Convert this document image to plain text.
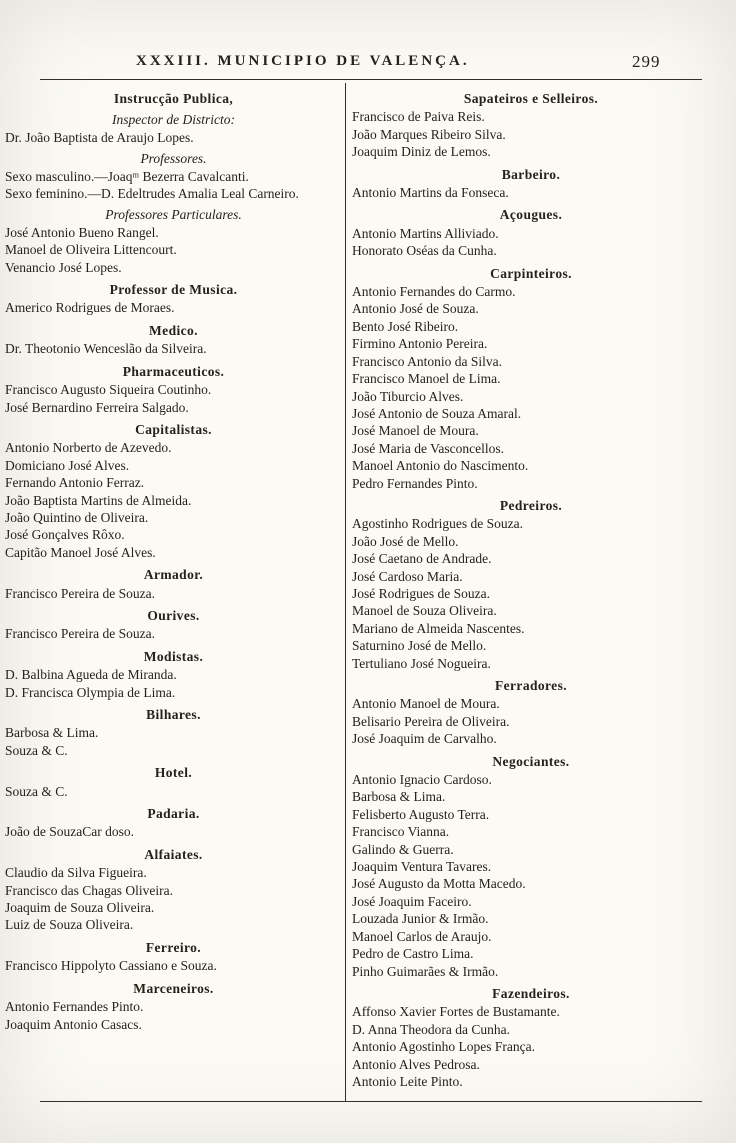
XXXIII. MUNICIPIO DE VALENÇA.	299
Instrucção Publica,
Inspector de Districto:
Dr. João Baptista de Araujo Lopes.
Professores.
Sexo masculino.—Joaqᵐ Bezerra Cavalcanti.
Sexo feminino.—D. Edeltrudes Amalia Leal Carneiro.
Professores Particulares.
José Antonio Bueno Rangel.
Manoel de Oliveira Littencourt.
Venancio José Lopes.
Professor de Musica.
Americo Rodrigues de Moraes.
Medico.
Dr. Theotonio Wenceslão da Silveira.
Pharmaceuticos.
Francisco Augusto Siqueira Coutinho.
José Bernardino Ferreira Salgado.
Capitalistas.
Antonio Norberto de Azevedo.
Domiciano José Alves.
Fernando Antonio Ferraz.
João Baptista Martins de Almeida.
João Quintino de Oliveira.
José Gonçalves Rôxo.
Capitão Manoel José Alves.
Armador.
Francisco Pereira de Souza.
Ourives.
Francisco Pereira de Souza.
Modistas.
D. Balbina Agueda de Miranda.
D. Francisca Olympia de Lima.
Bilhares.
Barbosa & Lima.
Souza & C.
Hotel.
Souza & C.
Padaria.
João de SouzaCar doso.
Alfaiates.
Claudio da Silva Figueira.
Francisco das Chagas Oliveira.
Joaquim de Souza Oliveira.
Luiz de Souza Oliveira.
Ferreiro.
Francisco Hippolyto Cassiano e Souza.
Marceneiros.
Antonio Fernandes Pinto.
Joaquim Antonio Casacs.
Sapateiros e Selleiros.
Francisco de Paiva Reis.
João Marques Ribeiro Silva.
Joaquim Diniz de Lemos.
Barbeiro.
Antonio Martins da Fonseca.
Açougues.
Antonio Martins Alliviado.
Honorato Oséas da Cunha.
Carpinteiros.
Antonio Fernandes do Carmo.
Antonio José de Souza.
Bento José Ribeiro.
Firmino Antonio Pereira.
Francisco Antonio da Silva.
Francisco Manoel de Lima.
João Tiburcio Alves.
José Antonio de Souza Amaral.
José Manoel de Moura.
José Maria de Vasconcellos.
Manoel Antonio do Nascimento.
Pedro Fernandes Pinto.
Pedreiros.
Agostinho Rodrigues de Souza.
João José de Mello.
José Caetano de Andrade.
José Cardoso Maria.
José Rodrigues de Souza.
Manoel de Souza Oliveira.
Mariano de Almeida Nascentes.
Saturnino José de Mello.
Tertuliano José Nogueira.
Ferradores.
Antonio Manoel de Moura.
Belisario Pereira de Oliveira.
José Joaquim de Carvalho.
Negociantes.
Antonio Ignacio Cardoso.
Barbosa & Lima.
Felisberto Augusto Terra.
Francisco Vianna.
Galindo & Guerra.
Joaquim Ventura Tavares.
José Augusto da Motta Macedo.
José Joaquim Faceiro.
Louzada Junior & Irmão.
Manoel Carlos de Araujo.
Pedro de Castro Lima.
Pinho Guimarães & Irmão.
Fazendeiros.
Affonso Xavier Fortes de Bustamante.
D. Anna Theodora da Cunha.
Antonio Agostinho Lopes França.
Antonio Alves Pedrosa.
Antonio Leite Pinto.
